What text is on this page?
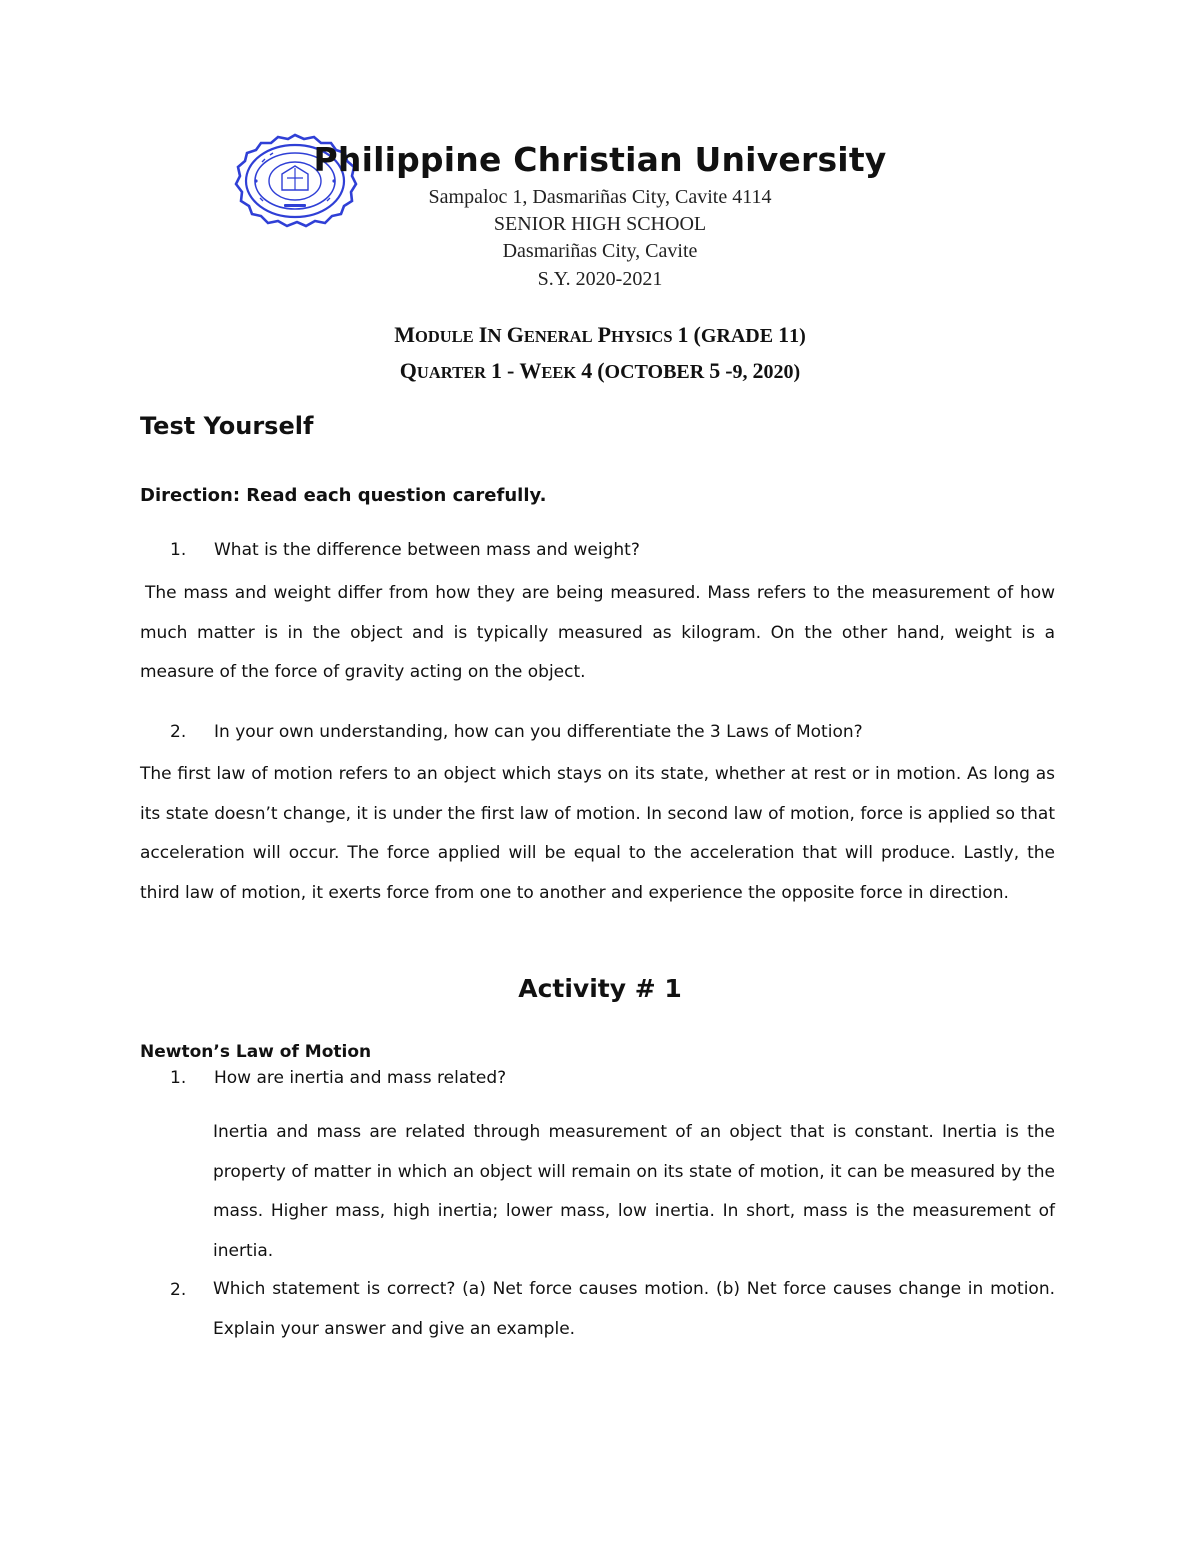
Philippine Christian University
Sampaloc 1, Dasmariñas City, Cavite 4114
SENIOR HIGH SCHOOL
Dasmariñas City, Cavite
S.Y. 2020-2021
MODULE IN GENERAL PHYSICS 1 (GRADE 11)
QUARTER 1 - WEEK 4 (OCTOBER 5 -9, 2020)
Test Yourself
Direction: Read each question carefully.
1. What is the difference between mass and weight?
The mass and weight differ from how they are being measured. Mass refers to the measurement of how much matter is in the object and is typically measured as kilogram. On the other hand, weight is a measure of the force of gravity acting on the object.
2. In your own understanding, how can you differentiate the 3 Laws of Motion?
The first law of motion refers to an object which stays on its state, whether at rest or in motion. As long as its state doesn’t change, it is under the first law of motion. In second law of motion, force is applied so that acceleration will occur. The force applied will be equal to the acceleration that will produce. Lastly, the third law of motion, it exerts force from one to another and experience the opposite force in direction.
Activity # 1
Newton’s Law of Motion
1. How are inertia and mass related?
Inertia and mass are related through measurement of an object that is constant. Inertia is the property of matter in which an object will remain on its state of motion, it can be measured by the mass. Higher mass, high inertia; lower mass, low inertia. In short, mass is the measurement of inertia.
2. Which statement is correct? (a) Net force causes motion. (b) Net force causes change in motion. Explain your answer and give an example.
